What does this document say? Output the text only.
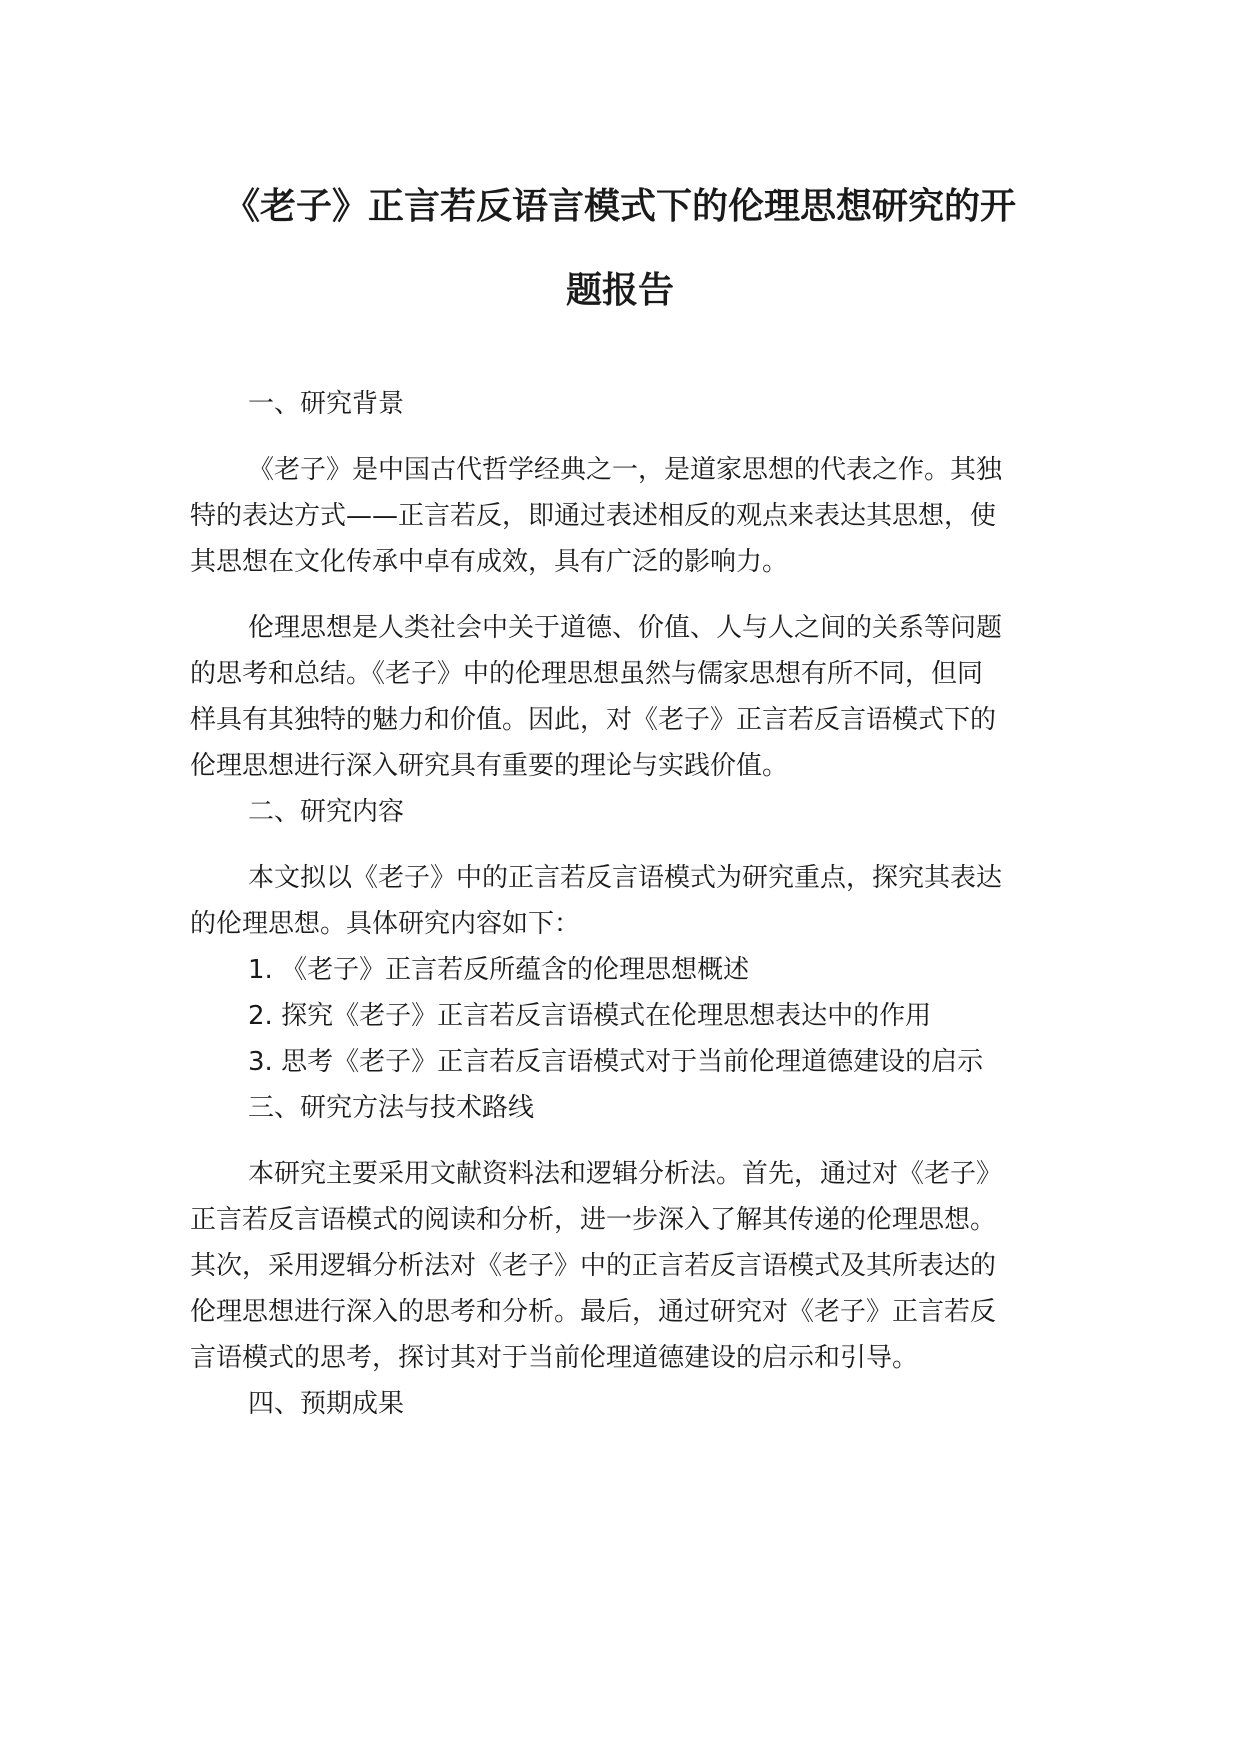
《老子》正言若反语言模式下的伦理思想研究的开
题报告

一、研究背景

《老子》是中国古代哲学经典之一，是道家思想的代表之作。其独

特的表达方式——正言若反，即通过表述相反的观点来表达其思想，使

其思想在文化传承中卓有成效，具有广泛的影响力。

伦理思想是人类社会中关于道德、价值、人与人之间的关系等问题

的思考和总结。《老子》中的伦理思想虽然与儒家思想有所不同，但同

样具有其独特的魅力和价值。因此，对《老子》正言若反言语模式下的

伦理思想进行深入研究具有重要的理论与实践价值。

二、研究内容

本文拟以《老子》中的正言若反言语模式为研究重点，探究其表达

的伦理思想。具体研究内容如下：

1. 《老子》正言若反所蕴含的伦理思想概述

2. 探究《老子》正言若反言语模式在伦理思想表达中的作用

3. 思考《老子》正言若反言语模式对于当前伦理道德建设的启示

三、研究方法与技术路线

本研究主要采用文献资料法和逻辑分析法。首先，通过对《老子》

正言若反言语模式的阅读和分析，进一步深入了解其传递的伦理思想。

其次，采用逻辑分析法对《老子》中的正言若反言语模式及其所表达的

伦理思想进行深入的思考和分析。最后，通过研究对《老子》正言若反

言语模式的思考，探讨其对于当前伦理道德建设的启示和引导。

四、预期成果
